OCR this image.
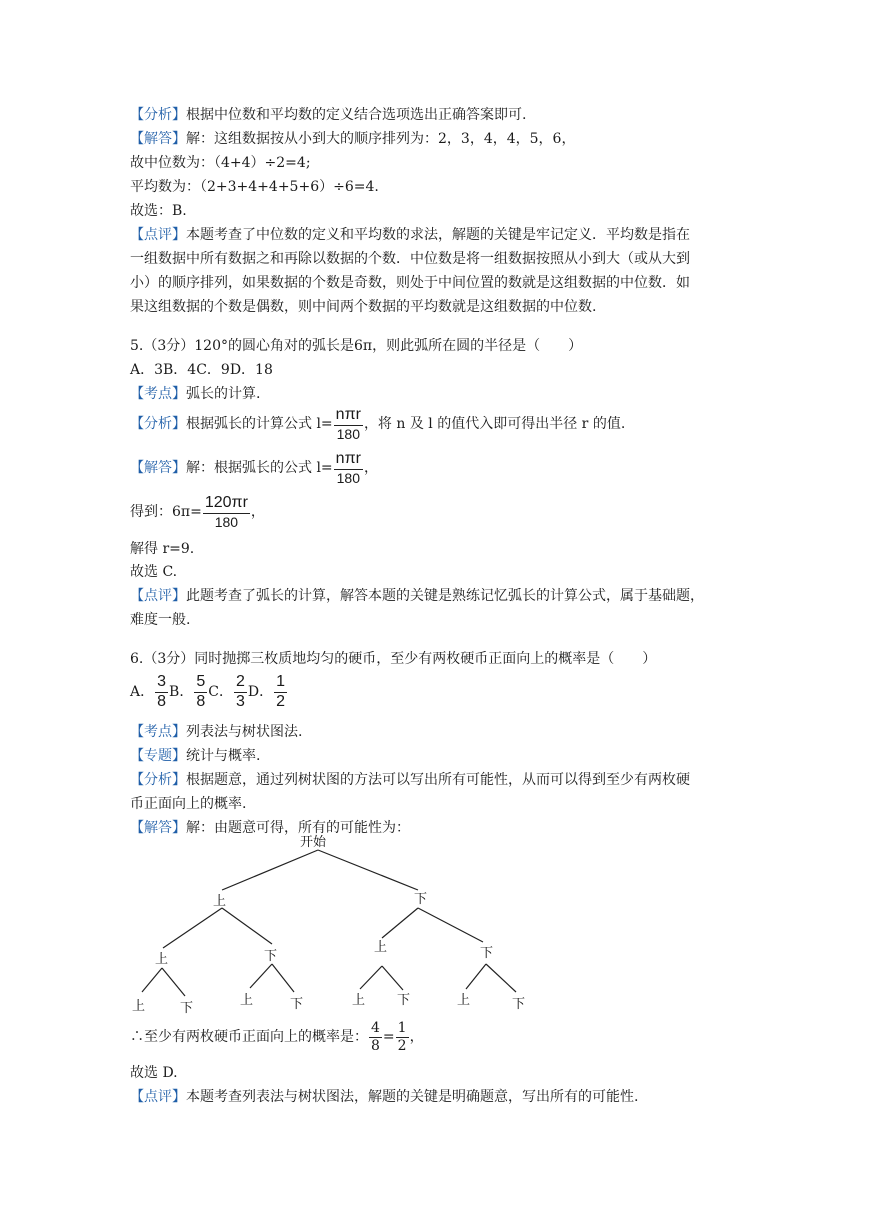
【分析】根据中位数和平均数的定义结合选项选出正确答案即可.
【解答】解：这组数据按从小到大的顺序排列为：2，3，4，4，5，6，
故中位数为：（4+4）÷2=4;
平均数为：（2+3+4+4+5+6）÷6=4.
故选：B.
【点评】本题考查了中位数的定义和平均数的求法，解题的关键是牢记定义．平均数是指在
一组数据中所有数据之和再除以数据的个数．中位数是将一组数据按照从小到大（或从大到
小）的顺序排列，如果数据的个数是奇数，则处于中间位置的数就是这组数据的中位数．如
果这组数据的个数是偶数，则中间两个数据的平均数就是这组数据的中位数.
5.（3分）120°的圆心角对的弧长是6π，则此弧所在圆的半径是（　　）
A．3B．4C．9D．18
【考点】弧长的计算.
【分析】根据弧长的计算公式 $l= \frac{\text{nπr}}{180}$ ，将 n 及 l 的值代入即可得出半径 r 的值.
【解答】解：根据弧长的公式 $l= \frac{\text{nπr}}{180}$ ，
得到：$6\pi= \frac{120\pi r}{180}$ ，
解得 r=9.
故选 C.
【点评】此题考查了弧长的计算，解答本题的关键是熟练记忆弧长的计算公式，属于基础题，
难度一般.
6.（3分）同时抛掷三枚质地均匀的硬币，至少有两枚硬币正面向上的概率是（　　）
A． $\frac{3}{8}$ B． $\frac{5}{8}$ C． $\frac{2}{3}$ D． $\frac{1}{2}$
【考点】列表法与树状图法.
【专题】统计与概率.
【分析】根据题意，通过列树状图的方法可以写出所有可能性，从而可以得到至少有两枚硬
币正面向上的概率.
【解答】解：由题意可得，所有的可能性为：
开始
上	下
上	下
上	下
上	下
上	下	上 下	上	下
∴至少有两枚硬币正面向上的概率是： $\frac{4}{8} = \frac{1}{2}$ ，
故选 D.
【点评】本题考查列表法与树状图法，解题的关键是明确题意，写出所有的可能性.
